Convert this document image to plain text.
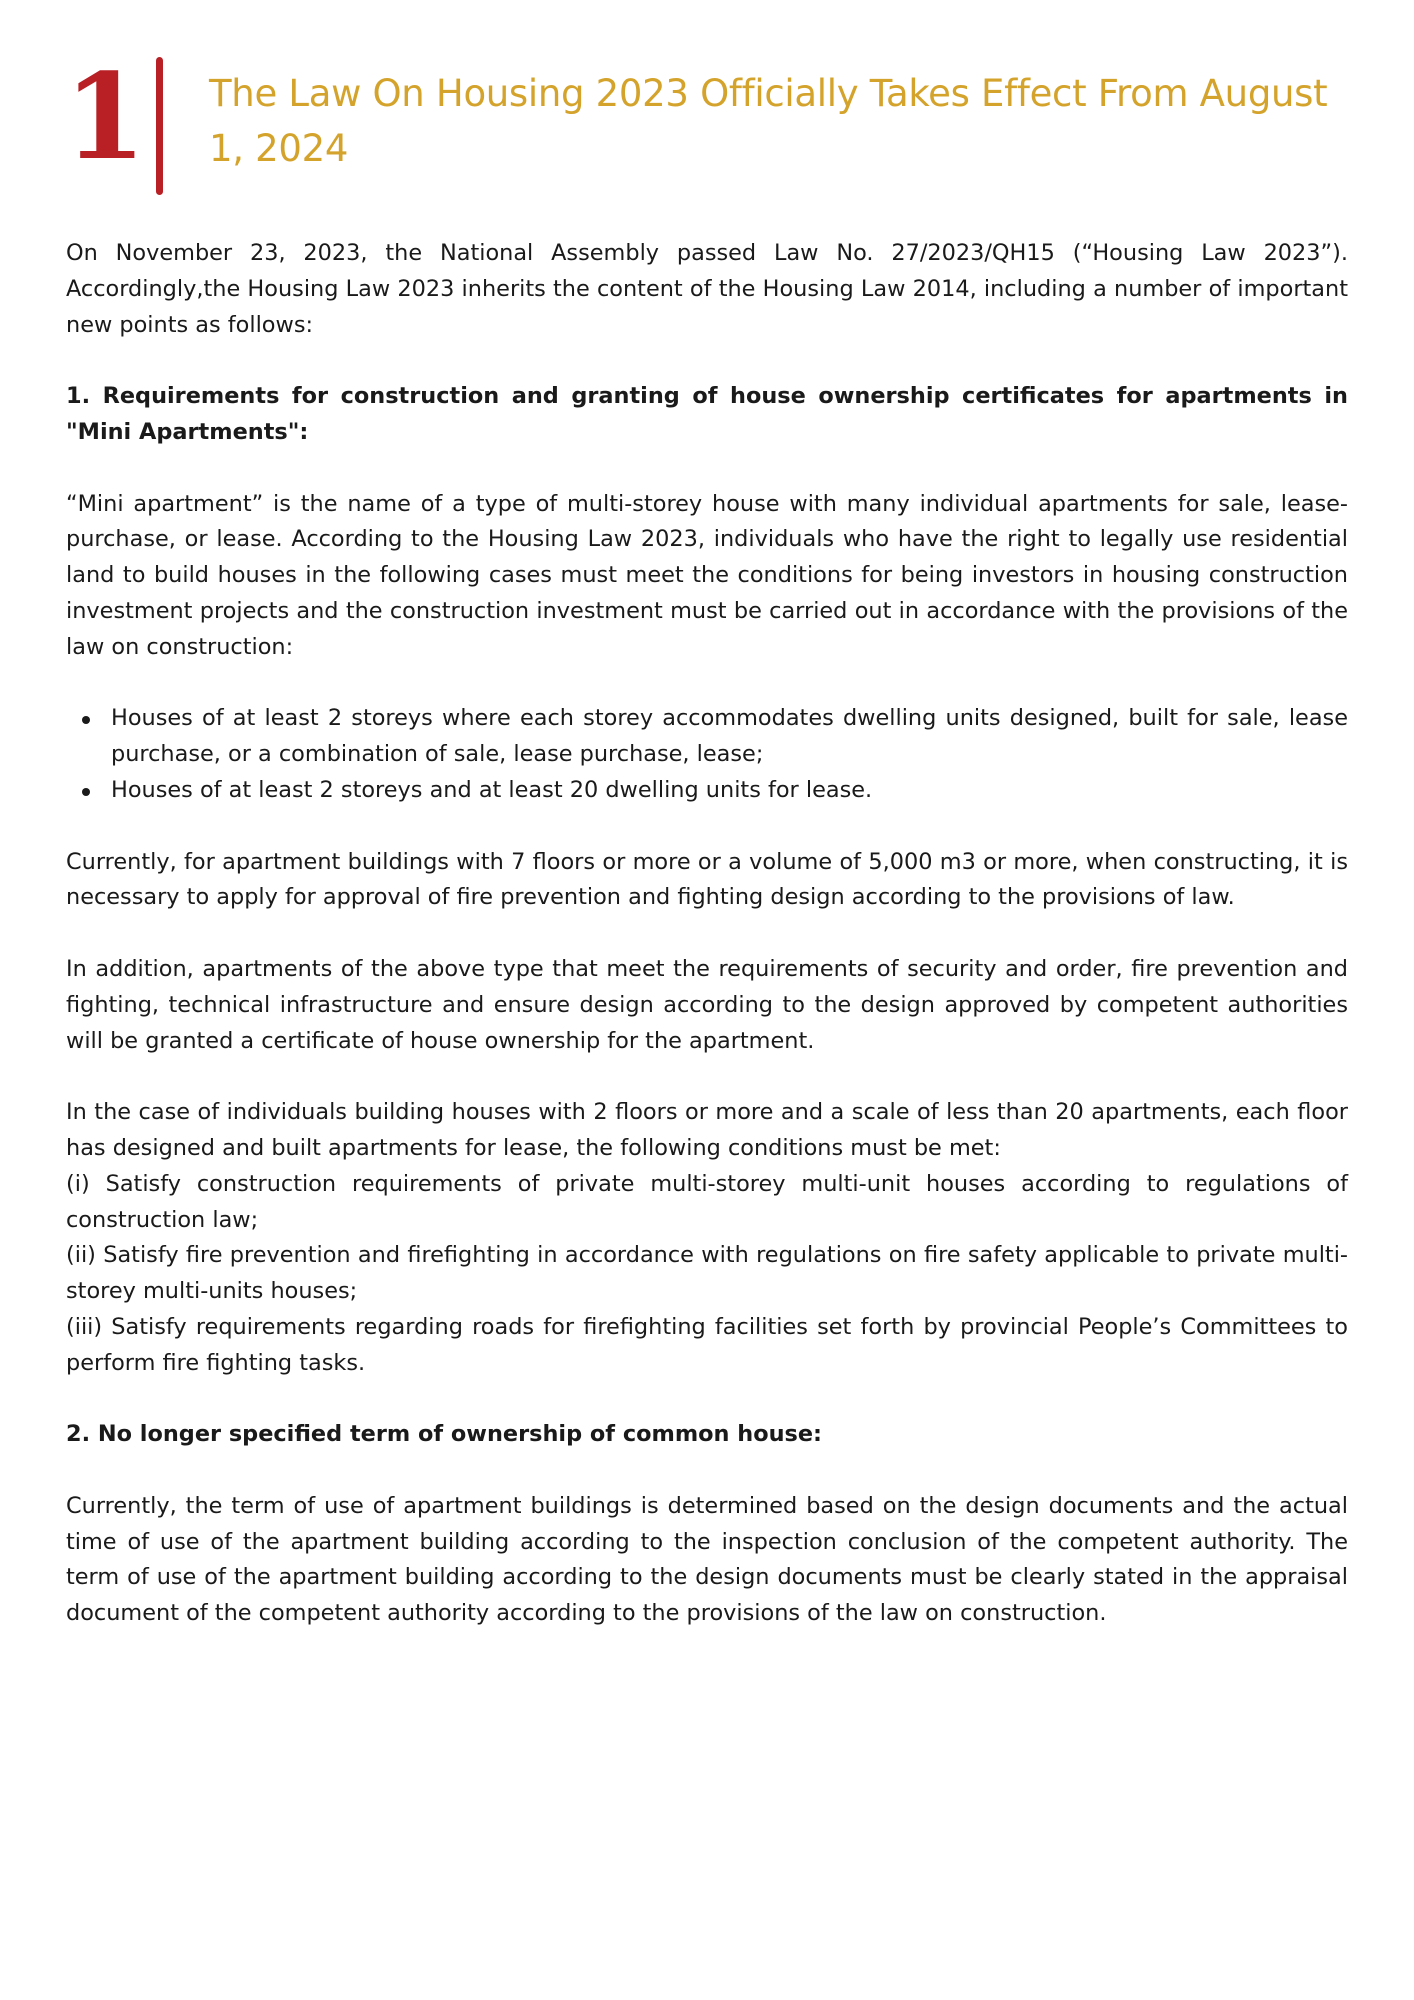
1 The Law On Housing 2023 Officially Takes Effect From August 1, 2024

On November 23, 2023, the National Assembly passed Law No. 27/2023/QH15 (“Housing Law 2023”). Accordingly,the Housing Law 2023 inherits the content of the Housing Law 2014, including a number of important new points as follows:

1. Requirements for construction and granting of house ownership certificates for apartments in "Mini Apartments":

“Mini apartment” is the name of a type of multi-storey house with many individual apartments for sale, lease-purchase, or lease. According to the Housing Law 2023, individuals who have the right to legally use residential land to build houses in the following cases must meet the conditions for being investors in housing construction investment projects and the construction investment must be carried out in accordance with the provisions of the law on construction:

Houses of at least 2 storeys where each storey accommodates dwelling units designed, built for sale, lease purchase, or a combination of sale, lease purchase, lease;
Houses of at least 2 storeys and at least 20 dwelling units for lease.

Currently, for apartment buildings with 7 floors or more or a volume of 5,000 m3 or more, when constructing, it is necessary to apply for approval of fire prevention and fighting design according to the provisions of law.

In addition, apartments of the above type that meet the requirements of security and order, fire prevention and fighting, technical infrastructure and ensure design according to the design approved by competent authorities will be granted a certificate of house ownership for the apartment.

In the case of individuals building houses with 2 floors or more and a scale of less than 20 apartments, each floor has designed and built apartments for lease, the following conditions must be met:

(i) Satisfy construction requirements of private multi-storey multi-unit houses according to regulations of construction law;

(ii) Satisfy fire prevention and firefighting in accordance with regulations on fire safety applicable to private multi-storey multi-units houses;

(iii) Satisfy requirements regarding roads for firefighting facilities set forth by provincial People’s Committees to perform fire fighting tasks.

2. No longer specified term of ownership of common house:

Currently, the term of use of apartment buildings is determined based on the design documents and the actual time of use of the apartment building according to the inspection conclusion of the competent authority. The term of use of the apartment building according to the design documents must be clearly stated in the appraisal document of the competent authority according to the provisions of the law on construction.
